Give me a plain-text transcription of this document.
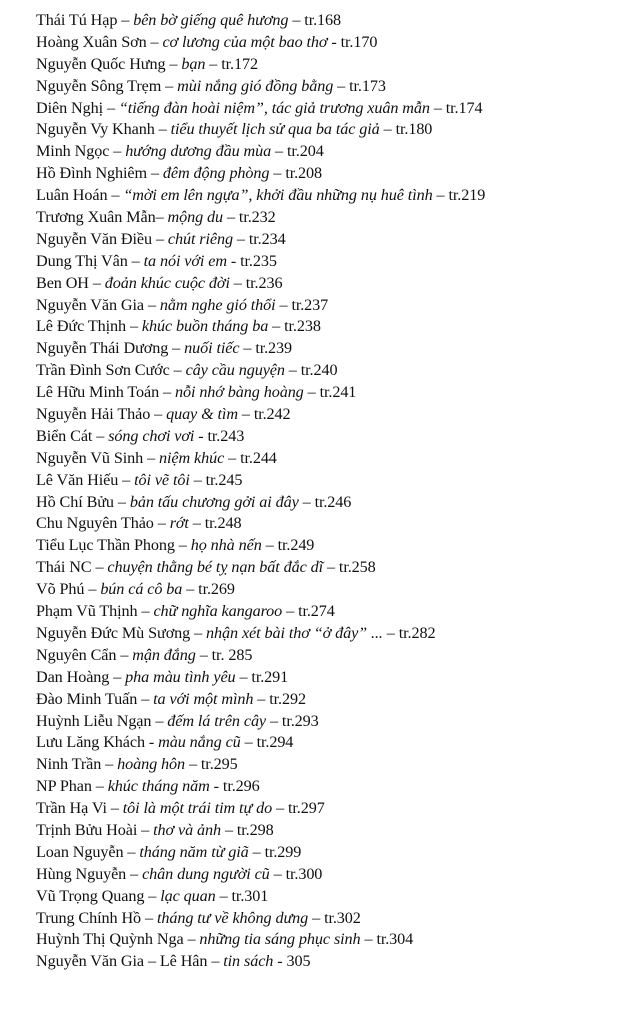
Thái Tú Hạp – bên bờ giếng quê hương – tr.168
Hoàng Xuân Sơn – cơ lương của một bao thơ - tr.170
Nguyễn Quốc Hưng – bạn – tr.172
Nguyễn Sông Trẹm – mùi nắng gió đồng bằng – tr.173
Diên Nghị – “tiếng đàn hoài niệm”, tác giả trương xuân mẫn – tr.174
Nguyễn Vy Khanh – tiểu thuyết lịch sử qua ba tác giả – tr.180
Minh Ngọc – hướng dương đầu mùa – tr.204
Hồ Đình Nghiêm – đêm động phòng – tr.208
Luân Hoán – “mời em lên ngựa”, khởi đầu những nụ huê tình – tr.219
Trương Xuân Mẫn– mộng du – tr.232
Nguyễn Văn Điều – chút riêng – tr.234
Dung Thị Vân – ta nói với em - tr.235
Ben OH – đoản khúc cuộc đời – tr.236
Nguyễn Văn Gia – nằm nghe gió thổi – tr.237
Lê Đức Thịnh – khúc buồn tháng ba – tr.238
Nguyễn Thái Dương – nuối tiếc – tr.239
Trần Đình Sơn Cước – cây cầu nguyện – tr.240
Lê Hữu Minh Toán – nỗi nhớ bàng hoàng – tr.241
Nguyễn Hải Thảo – quay & tìm – tr.242
Biển Cát – sóng chơi vơi - tr.243
Nguyễn Vũ Sinh – niệm khúc – tr.244
Lê Văn Hiếu – tôi vẽ tôi – tr.245
Hồ Chí Bửu – bản tấu chương gởi ai đây – tr.246
Chu Nguyên Thảo – rớt – tr.248
Tiểu Lục Thần Phong – họ nhà nến – tr.249
Thái NC – chuyện thằng bé tỵ nạn bất đắc dĩ – tr.258
Võ Phú – bún cá cô ba – tr.269
Phạm Vũ Thịnh – chữ nghĩa kangaroo – tr.274
Nguyễn Đức Mù Sương – nhận xét bài thơ “ở đây” ... – tr.282
Nguyên Cẩn – mận đắng – tr. 285
Dan Hoàng – pha màu tình yêu – tr.291
Đào Minh Tuấn – ta với một mình – tr.292
Huỳnh Liễu Ngạn – đếm lá trên cây – tr.293
Lưu Lăng Khách - màu nắng cũ – tr.294
Ninh Trần – hoàng hôn – tr.295
NP Phan – khúc tháng năm - tr.296
Trần Hạ Vi – tôi là một trái tim tự do – tr.297
Trịnh Bửu Hoài – thơ và ảnh – tr.298
Loan Nguyễn – tháng năm từ giã – tr.299
Hùng Nguyễn – chân dung người cũ – tr.300
Vũ Trọng Quang – lạc quan – tr.301
Trung Chính Hồ – tháng tư về không dưng – tr.302
Huỳnh Thị Quỳnh Nga – những tia sáng phục sinh – tr.304
Nguyễn Văn Gia – Lê Hân – tin sách - 305
